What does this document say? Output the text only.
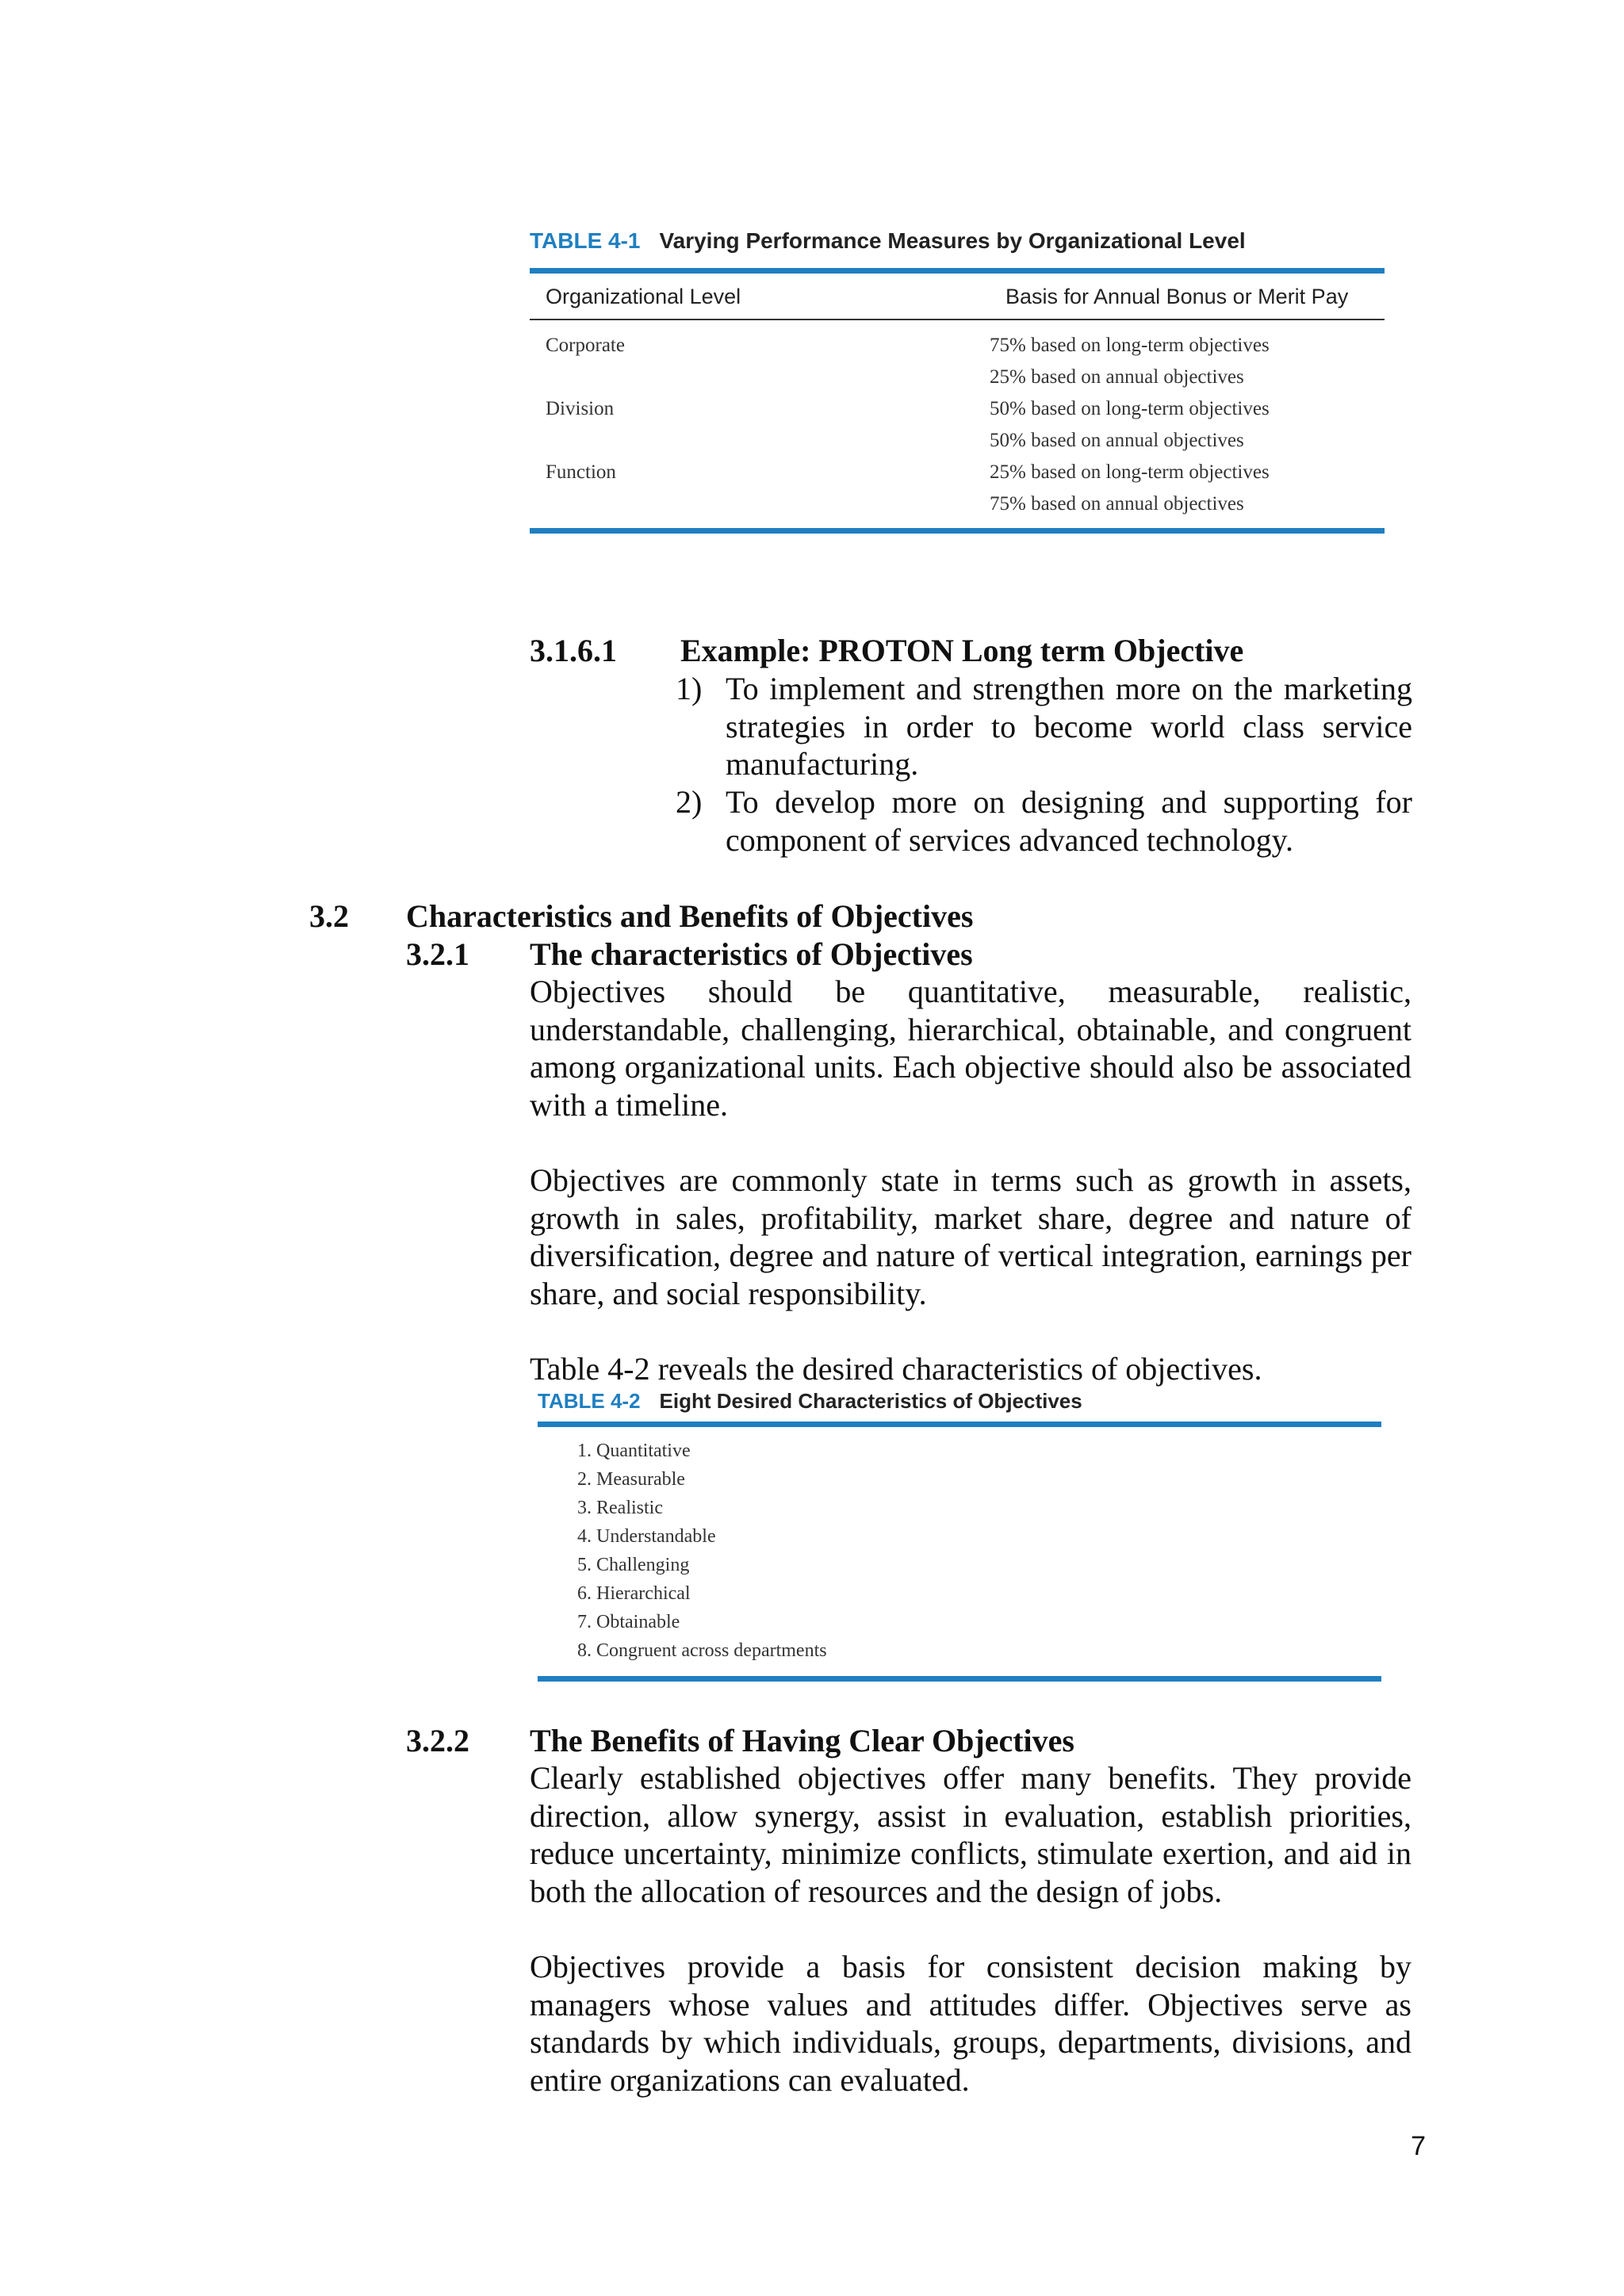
TABLE 4-1 Varying Performance Measures by Organizational Level
Organizational Level	Basis for Annual Bonus or Merit Pay
Corporate	75% based on long-term objectives
25% based on annual objectives
Division	50% based on long-term objectives
50% based on annual objectives
Function	25% based on long-term objectives
75% based on annual objectives
3.1.6.1 Example: PROTON Long term Objective
1) To implement and strengthen more on the marketing strategies in order to become world class service manufacturing.
2) To develop more on designing and supporting for component of services advanced technology.
3.2 Characteristics and Benefits of Objectives
3.2.1 The characteristics of Objectives
Objectives should be quantitative, measurable, realistic, understandable, challenging, hierarchical, obtainable, and congruent among organizational units. Each objective should also be associated with a timeline.
Objectives are commonly state in terms such as growth in assets, growth in sales, profitability, market share, degree and nature of diversification, degree and nature of vertical integration, earnings per share, and social responsibility.
Table 4-2 reveals the desired characteristics of objectives.
TABLE 4-2 Eight Desired Characteristics of Objectives
1. Quantitative
2. Measurable
3. Realistic
4. Understandable
5. Challenging
6. Hierarchical
7. Obtainable
8. Congruent across departments
3.2.2 The Benefits of Having Clear Objectives
Clearly established objectives offer many benefits. They provide direction, allow synergy, assist in evaluation, establish priorities, reduce uncertainty, minimize conflicts, stimulate exertion, and aid in both the allocation of resources and the design of jobs.
Objectives provide a basis for consistent decision making by managers whose values and attitudes differ. Objectives serve as standards by which individuals, groups, departments, divisions, and entire organizations can evaluated.
7
